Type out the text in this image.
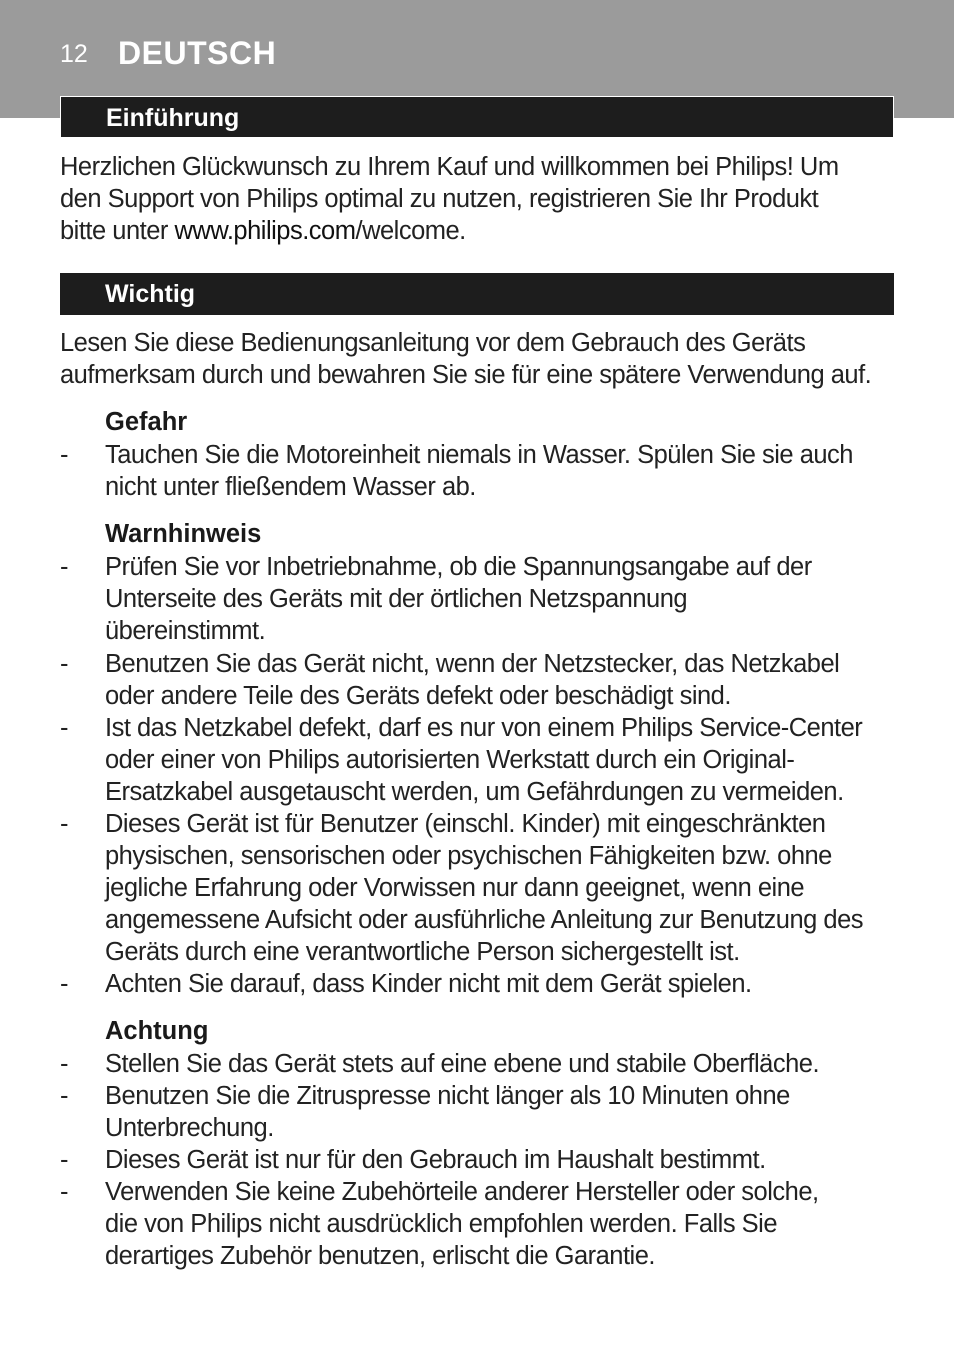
12 DEUTSCH
Einführung
Herzlichen Glückwunsch zu Ihrem Kauf und willkommen bei Philips! Um
den Support von Philips optimal zu nutzen, registrieren Sie Ihr Produkt
bitte unter www.philips.com/welcome.
Wichtig
Lesen Sie diese Bedienungsanleitung vor dem Gebrauch des Geräts
aufmerksam durch und bewahren Sie sie für eine spätere Verwendung auf.
Gefahr
-	Tauchen Sie die Motoreinheit niemals in Wasser. Spülen Sie sie auch
nicht unter fließendem Wasser ab.
Warnhinweis
-	Prüfen Sie vor Inbetriebnahme, ob die Spannungsangabe auf der
Unterseite des Geräts mit der örtlichen Netzspannung
übereinstimmt.
-	Benutzen Sie das Gerät nicht, wenn der Netzstecker, das Netzkabel
oder andere Teile des Geräts defekt oder beschädigt sind.
-	Ist das Netzkabel defekt, darf es nur von einem Philips Service-Center
oder einer von Philips autorisierten Werkstatt durch ein Original-
Ersatzkabel ausgetauscht werden, um Gefährdungen zu vermeiden.
-	Dieses Gerät ist für Benutzer (einschl. Kinder) mit eingeschränkten
physischen, sensorischen oder psychischen Fähigkeiten bzw. ohne
jegliche Erfahrung oder Vorwissen nur dann geeignet, wenn eine
angemessene Aufsicht oder ausführliche Anleitung zur Benutzung des
Geräts durch eine verantwortliche Person sichergestellt ist.
-	Achten Sie darauf, dass Kinder nicht mit dem Gerät spielen.
Achtung
-	Stellen Sie das Gerät stets auf eine ebene und stabile Oberfläche.
-	Benutzen Sie die Zitruspresse nicht länger als 10 Minuten ohne
Unterbrechung.
-	Dieses Gerät ist nur für den Gebrauch im Haushalt bestimmt.
-	Verwenden Sie keine Zubehörteile anderer Hersteller oder solche,
die von Philips nicht ausdrücklich empfohlen werden. Falls Sie
derartiges Zubehör benutzen, erlischt die Garantie.
